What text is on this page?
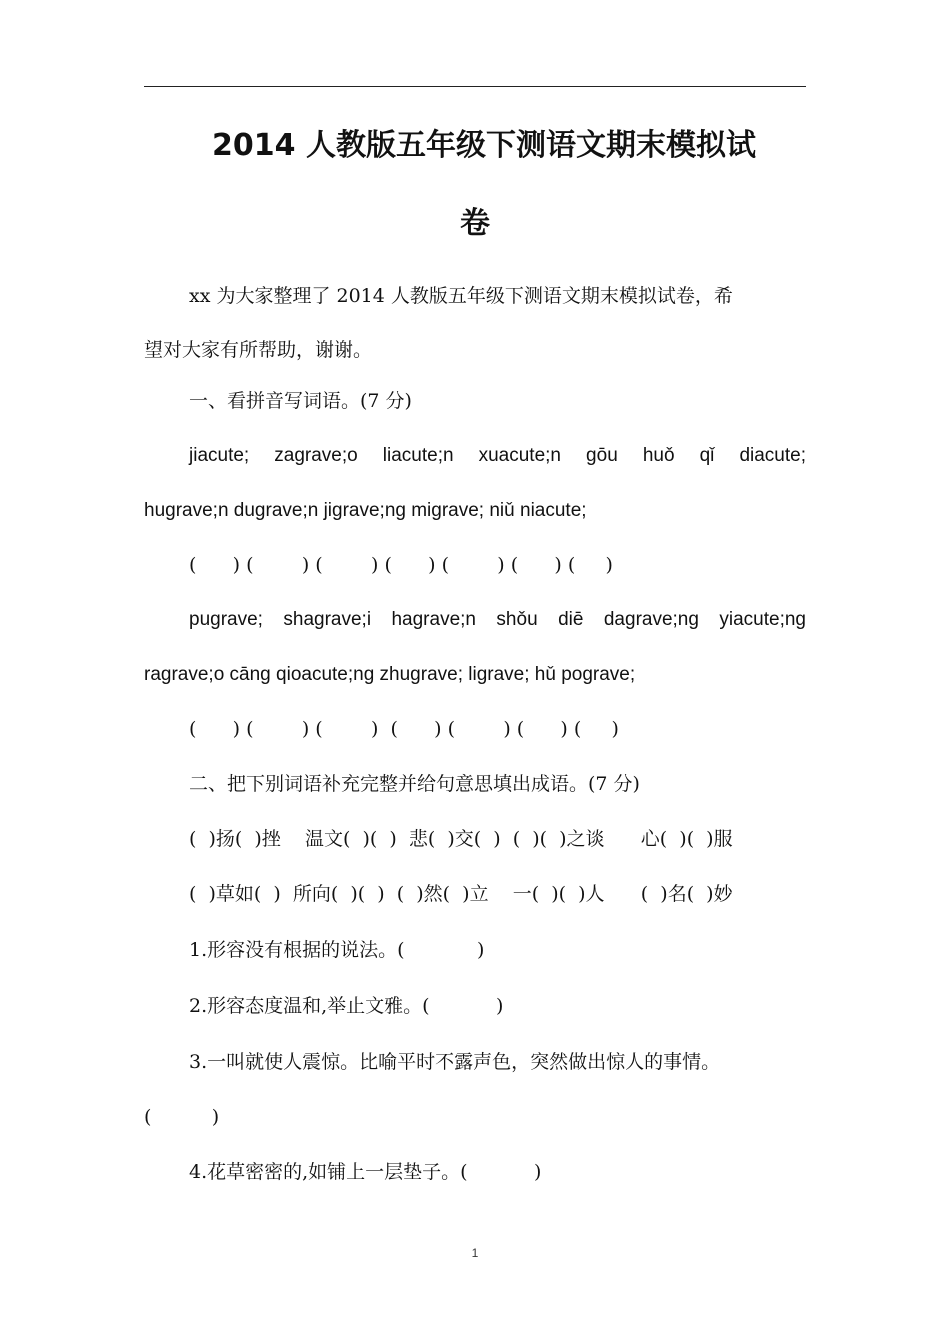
2014 人教版五年级下测语文期末模拟试
卷

xx 为大家整理了 2014 人教版五年级下测语文期末模拟试卷，希

望对大家有所帮助，谢谢。

一、看拼音写词语。(7 分)

jiacute; zagrave;o liacute;n xuacute;n gōu huǒ qǐ diacute;

hugrave;n dugrave;n jigrave;ng migrave; niǔ niacute;

(      ) (        ) (        ) (      ) (        ) (      ) (     )

pugrave; shagrave;i hagrave;n shǒu diē dagrave;ng yiacute;ng

ragrave;o cāng qioacute;ng zhugrave; ligrave; hǔ pograve;

(      ) (        ) (        )  (      ) (        ) (      ) (     )

二、把下别词语补充完整并给句意思填出成语。(7 分)

(  )扬(  )挫    温文(  )(  )  悲(  )交(  )  (  )(  )之谈      心(  )(  )服

(  )草如(  )  所向(  )(  )  (  )然(  )立    一(  )(  )人      (  )名(  )妙

1.形容没有根据的说法。(            )

2.形容态度温和,举止文雅。(           )

3.一叫就使人震惊。比喻平时不露声色，突然做出惊人的事情。

(          )

4.花草密密的,如铺上一层垫子。(           )

1
